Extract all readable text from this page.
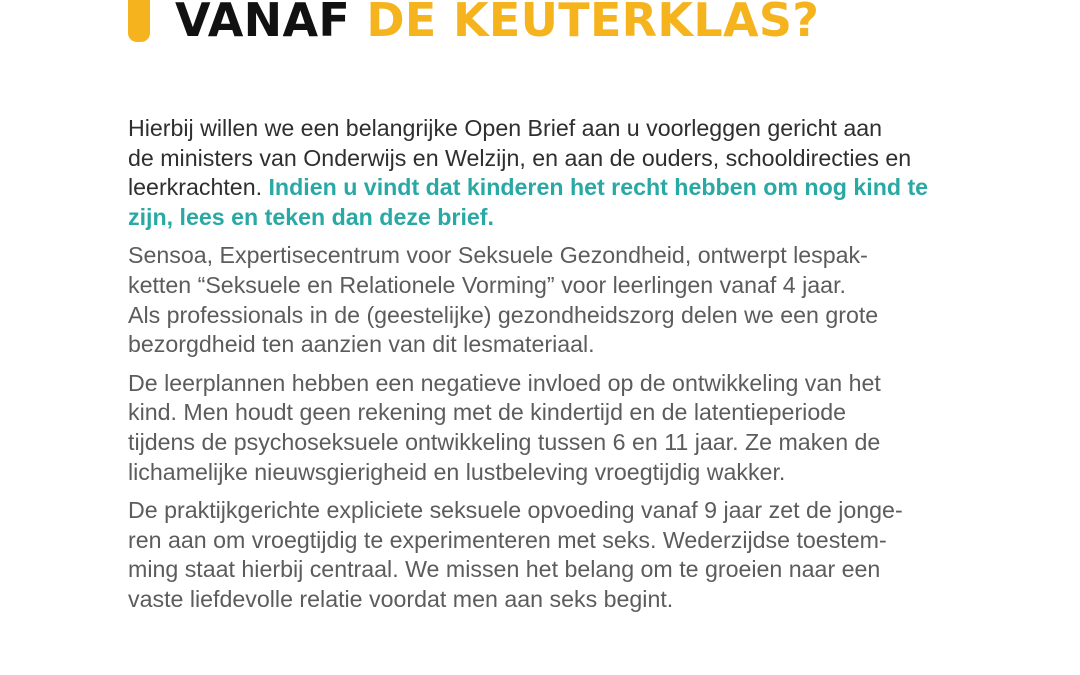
VANAF DE KEUTERKLAS?

Hierbij willen we een belangrijke Open Brief aan u voorleggen gericht aan
de ministers van Onderwijs en Welzijn, en aan de ouders, schooldirecties en
leerkrachten. Indien u vindt dat kinderen het recht hebben om nog kind te
zijn, lees en teken dan deze brief.

Sensoa, Expertisecentrum voor Seksuele Gezondheid, ontwerpt lespak-
ketten “Seksuele en Relationele Vorming” voor leerlingen vanaf 4 jaar.
Als professionals in de (geestelijke) gezondheidszorg delen we een grote
bezorgdheid ten aanzien van dit lesmateriaal.

De leerplannen hebben een negatieve invloed op de ontwikkeling van het
kind. Men houdt geen rekening met de kindertijd en de latentieperiode
tijdens de psychoseksuele ontwikkeling tussen 6 en 11 jaar. Ze maken de
lichamelijke nieuwsgierigheid en lustbeleving vroegtijdig wakker.

De praktijkgerichte expliciete seksuele opvoeding vanaf 9 jaar zet de jonge-
ren aan om vroegtijdig te experimenteren met seks. Wederzijdse toestem-
ming staat hierbij centraal. We missen het belang om te groeien naar een
vaste liefdevolle relatie voordat men aan seks begint.
